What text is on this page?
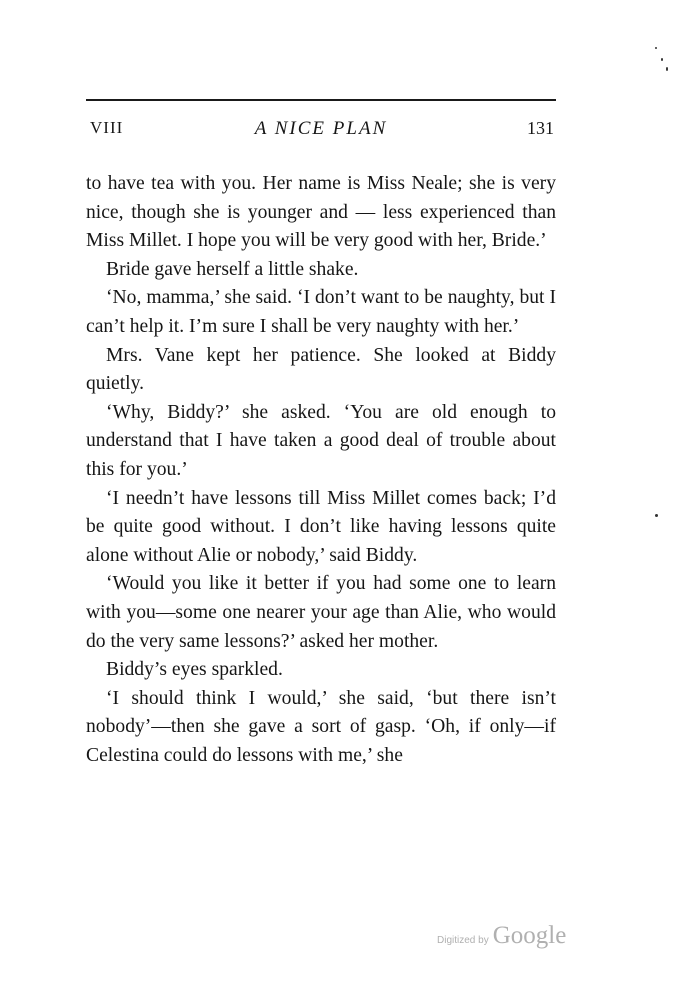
VIII	A NICE PLAN	131

to have tea with you. Her name is Miss Neale; she is very nice, though she is younger and — less experienced than Miss Millet. I hope you will be very good with her, Bride.’

Bride gave herself a little shake.

‘No, mamma,’ she said. ‘I don’t want to be naughty, but I can’t help it. I’m sure I shall be very naughty with her.’

Mrs. Vane kept her patience. She looked at Biddy quietly.

‘Why, Biddy?’ she asked. ‘You are old enough to understand that I have taken a good deal of trouble about this for you.’

‘I needn’t have lessons till Miss Millet comes back; I’d be quite good without. I don’t like having lessons quite alone without Alie or nobody,’ said Biddy.

‘Would you like it better if you had some one to learn with you—some one nearer your age than Alie, who would do the very same lessons?’ asked her mother.

Biddy’s eyes sparkled.

‘I should think I would,’ she said, ‘but there isn’t nobody’—then she gave a sort of gasp. ‘Oh, if only—if Celestina could do lessons with me,’ she

Digitized by Google
